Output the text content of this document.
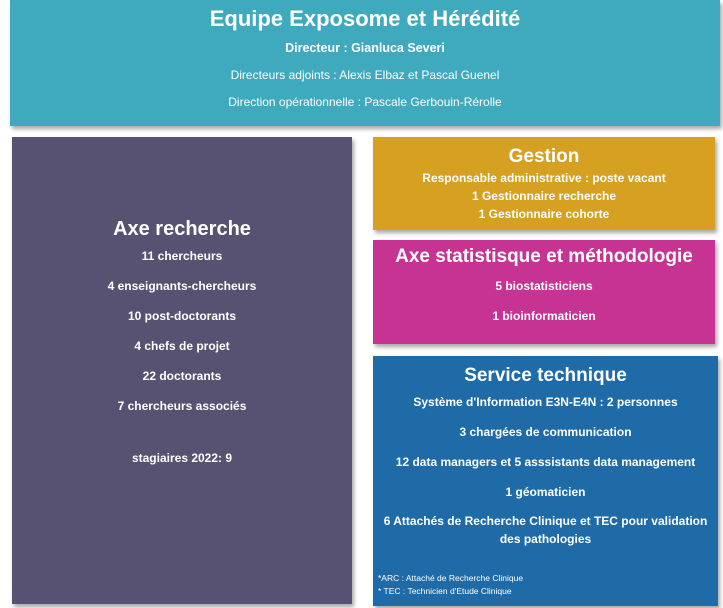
Equipe Exposome et Hérédité
Directeur : Gianluca Severi
Directeurs adjoints : Alexis Elbaz et Pascal Guenel
Direction opérationnelle : Pascale Gerbouin-Rérolle
Axe recherche
11 chercheurs
4 enseignants-chercheurs
10 post-doctorants
4 chefs de projet
22 doctorants
7 chercheurs associés
stagiaires 2022: 9
Gestion
Responsable administrative : poste vacant
1 Gestionnaire recherche
1 Gestionnaire cohorte
Axe statistisque et méthodologie
5 biostatisticiens
1 bioinformaticien
Service technique
Système d'Information E3N-E4N : 2 personnes
3 chargées de communication
12 data managers et 5 asssistants data management
1 géomaticien
6 Attachés de Recherche Clinique et TEC pour validation des pathologies
*ARC : Attaché de Recherche Clinique
* TEC : Technicien d'Etude Clinique
